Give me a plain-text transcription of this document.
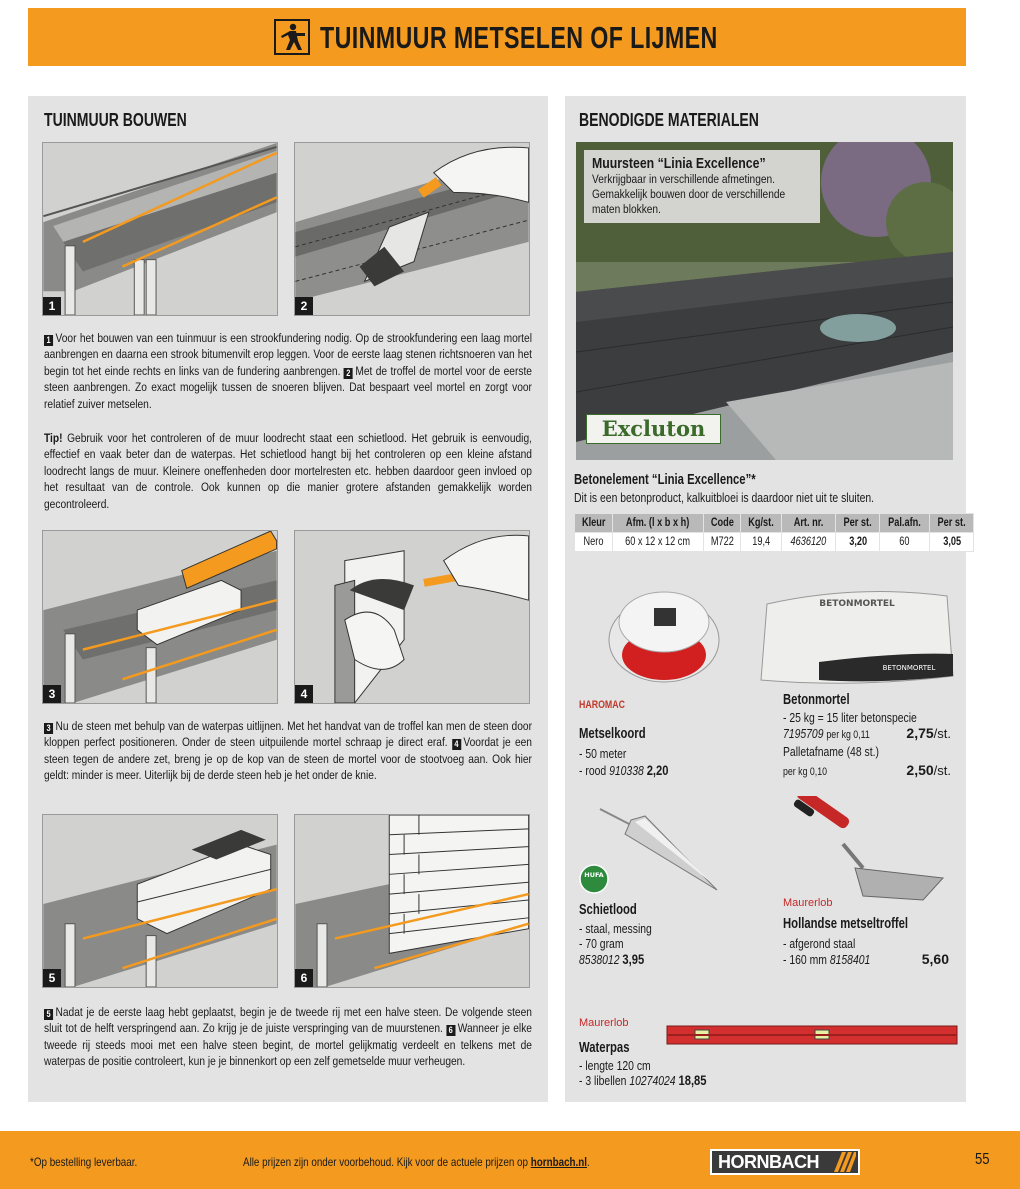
TUINMUUR METSELEN OF LIJMEN
TUINMUUR BOUWEN
1	2

1 Voor het bouwen van een tuinmuur is een strookfundering nodig. Op de strookfundering een laag mortel aanbrengen en daarna een strook bitumenvilt erop leggen. Voor de eerste laag stenen richtsnoeren van het begin tot het einde rechts en links van de fundering aanbrengen. 2 Met de troffel de mortel voor de eerste steen aanbrengen. Zo exact mogelijk tussen de snoeren blijven. Dat bespaart veel mortel en zorgt voor relatief zuiver metselen.

Tip! Gebruik voor het controleren of de muur loodrecht staat een schietlood. Het gebruik is eenvoudig, effectief en vaak beter dan de waterpas. Het schietlood hangt bij het controleren op een kleine afstand loodrecht langs de muur. Kleinere oneffenheden door mortelresten etc. hebben daardoor geen invloed op het resultaat van de controle. Ook kunnen op die manier grotere afstanden gemakkelijk worden gecontroleerd.

3	4

3 Nu de steen met behulp van de waterpas uitlijnen. Met het handvat van de troffel kan men de steen door kloppen perfect positioneren. Onder de steen uitpuilende mortel schraap je direct eraf. 4 Voordat je een steen tegen de andere zet, breng je op de kop van de steen de mortel voor de stootvoeg aan. Ook hier geldt: minder is meer. Uiterlijk bij de derde steen heb je het onder de knie.

5	6

5 Nadat je de eerste laag hebt geplaatst, begin je de tweede rij met een halve steen. De volgende steen sluit tot de helft verspringend aan. Zo krijg je de juiste verspringing van de muurstenen. 6 Wanneer je elke tweede rij steeds mooi met een halve steen begint, de mortel gelijkmatig verdeelt en telkens met de waterpas de positie controleert, kun je je binnenkort op een zelf gemetselde muur verheugen.

BENODIGDE MATERIALEN
Muursteen “Linia Excellence”
Verkrijgbaar in verschillende afmetingen. Gemakkelijk bouwen door de verschillende maten blokken.
Excluton
Betonelement “Linia Excellence”*
Dit is een betonproduct, kalkuitbloei is daardoor niet uit te sluiten.
Kleur	Afm. (l x b x h)	Code	Kg/st.	Art. nr.	Per st.	Pal.afn.	Per st.
Nero	60 x 12 x 12 cm	M722	19,4	4636120	3,20	60	3,05
HAROMAC
Metselkoord
- 50 meter
- rood 910338 2,20
BETONMORTEL
BETONMORTEL
Betonmortel
- 25 kg = 15 liter betonspecie
7195709 per kg 0,11	2,75/st.
Palletafname (48 st.)
per kg 0,10	2,50/st.
HUFA
Schietlood
- staal, messing
- 70 gram
8538012 3,95
Maurerlob
Hollandse metseltroffel
- afgerond staal
- 160 mm 8158401	5,60
Maurerlob
Waterpas
- lengte 120 cm
- 3 libellen 10274024 18,85
*Op bestelling leverbaar.	Alle prijzen zijn onder voorbehoud. Kijk voor de actuele prijzen op hornbach.nl.	HORNBACH	55
